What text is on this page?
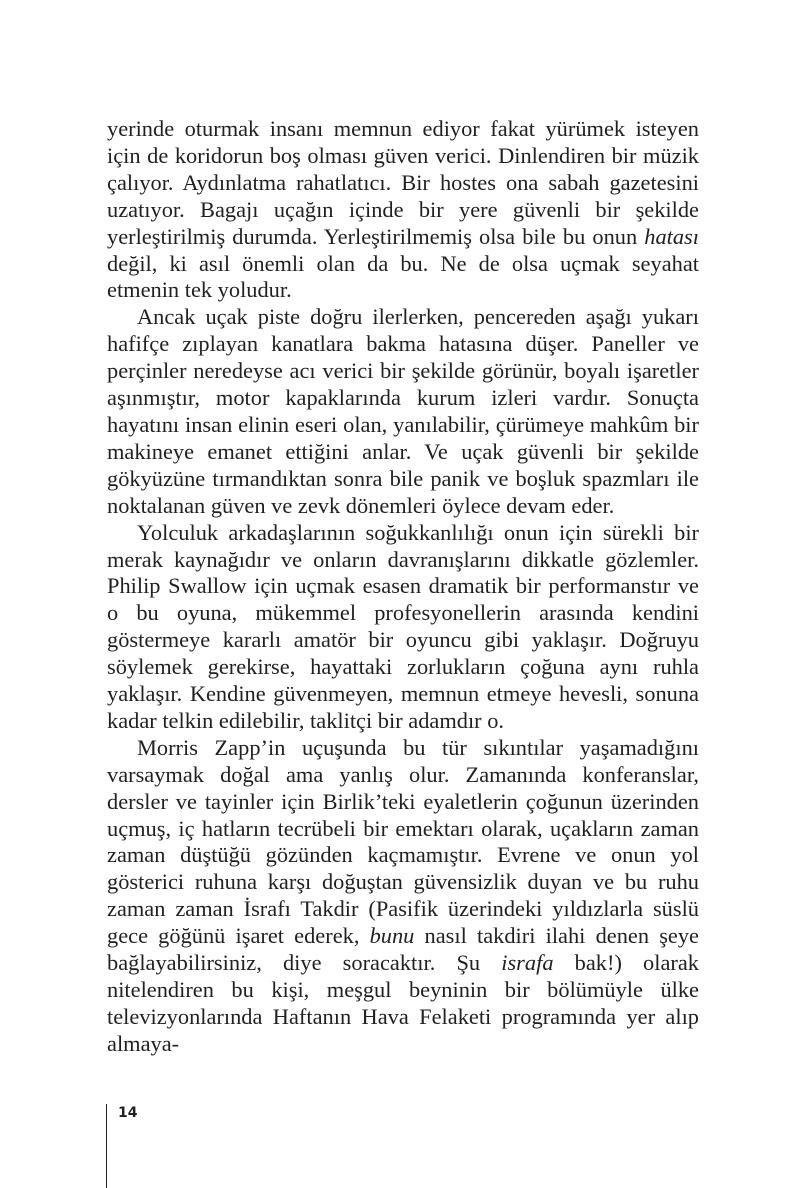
yerinde oturmak insanı memnun ediyor fakat yürümek isteyen için de koridorun boş olması güven verici. Dinlendiren bir müzik çalıyor. Aydınlatma rahatlatıcı. Bir hostes ona sabah gazetesini uzatıyor. Bagajı uçağın içinde bir yere güvenli bir şekilde yerleştirilmiş durumda. Yerleştirilmemiş olsa bile bu onun hatası değil, ki asıl önemli olan da bu. Ne de olsa uçmak seyahat etmenin tek yoludur.

Ancak uçak piste doğru ilerlerken, pencereden aşağı yukarı hafifçe zıplayan kanatlara bakma hatasına düşer. Paneller ve perçinler neredeyse acı verici bir şekilde görünür, boyalı işaretler aşınmıştır, motor kapaklarında kurum izleri vardır. Sonuçta hayatını insan elinin eseri olan, yanılabilir, çürümeye mahkûm bir makineye emanet ettiğini anlar. Ve uçak güvenli bir şekilde gökyüzüne tırmandıktan sonra bile panik ve boşluk spazmları ile noktalanan güven ve zevk dönemleri öylece devam eder.

Yolculuk arkadaşlarının soğukkanlılığı onun için sürekli bir merak kaynağıdır ve onların davranışlarını dikkatle gözlemler. Philip Swallow için uçmak esasen dramatik bir performanstır ve o bu oyuna, mükemmel profesyonellerin arasında kendini göstermeye kararlı amatör bir oyuncu gibi yaklaşır. Doğruyu söylemek gerekirse, hayattaki zorlukların çoğuna aynı ruhla yaklaşır. Kendine güvenmeyen, memnun etmeye hevesli, sonuna kadar telkin edilebilir, taklitçi bir adamdır o.

Morris Zapp’in uçuşunda bu tür sıkıntılar yaşamadığını varsaymak doğal ama yanlış olur. Zamanında konferanslar, dersler ve tayinler için Birlik’teki eyaletlerin çoğunun üzerinden uçmuş, iç hatların tecrübeli bir emektarı olarak, uçakların zaman zaman düştüğü gözünden kaçmamıştır. Evrene ve onun yol gösterici ruhuna karşı doğuştan güvensizlik duyan ve bu ruhu zaman zaman İsrafı Takdir (Pasifik üzerindeki yıldızlarla süslü gece göğünü işaret ederek, bunu nasıl takdiri ilahi denen şeye bağlayabilirsiniz, diye soracaktır. Şu israfa bak!) olarak nitelendiren bu kişi, meşgul beyninin bir bölümüyle ülke televizyonlarında Haftanın Hava Felaketi programında yer alıp almaya-

14
